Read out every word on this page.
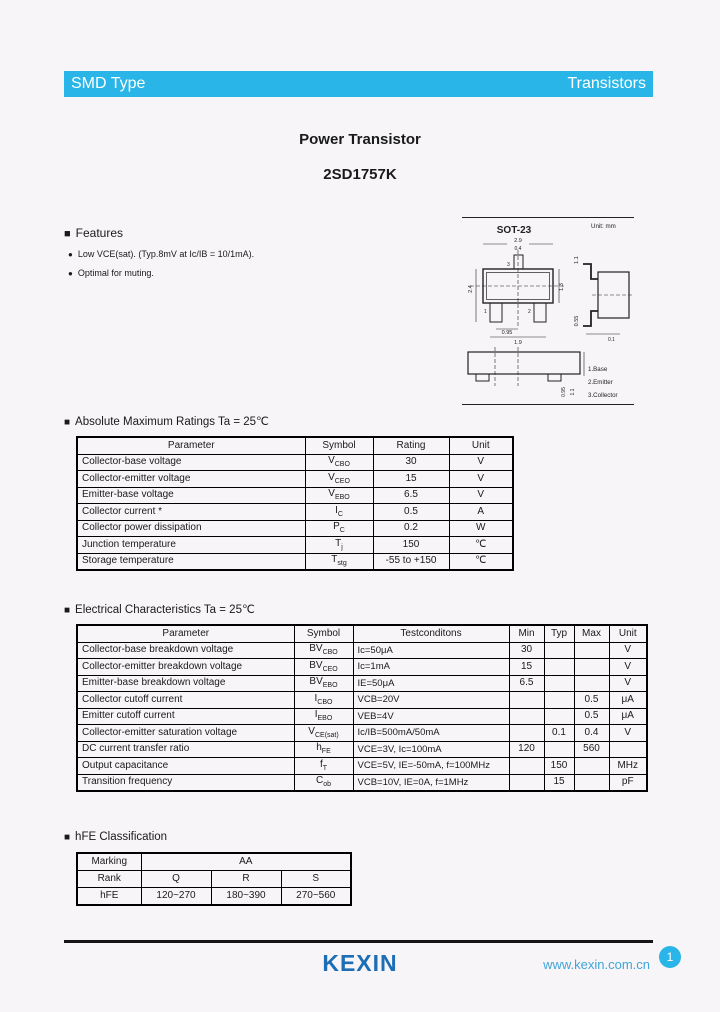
SMD Type	Transistors
Power Transistor
2SD1757K
■ Features
● Low VCE(sat). (Typ.8mV at Ic/IB = 10/1mA).
● Optimal for muting.
SOT-23	Unit: mm
2.9
0.4
3
1	2
2.4	1.3
0.95
1.9
1.1
0.55
0.1
0.95 1.1
1.Base
2.Emitter
3.Collector
■ Absolute Maximum Ratings Ta = 25℃
Parameter	Symbol	Rating	Unit
Collector-base voltage	$V_{CBO}$	30	V
Collector-emitter voltage	$V_{CEO}$	15	V
Emitter-base voltage	$V_{EBO}$	6.5	V
Collector current *	$I_C$	0.5	A
Collector power dissipation	$P_C$	0.2	W
Junction temperature	$T_j$	150	℃
Storage temperature	$T_{stg}$	-55 to +150	℃
■ Electrical Characteristics Ta = 25℃
Parameter	Symbol	Testconditons	Min	Typ	Max	Unit
Collector-base breakdown voltage	$BV_{CBO}$	Ic=50μA	30			V
Collector-emitter breakdown voltage	$BV_{CEO}$	Ic=1mA	15			V
Emitter-base breakdown voltage	$BV_{EBO}$	IE=50μA	6.5			V
Collector cutoff current	$I_{CBO}$	VCB=20V			0.5	μA
Emitter cutoff current	$I_{EBO}$	VEB=4V			0.5	μA
Collector-emitter saturation voltage	$V_{CE(sat)}$	Ic/IB=500mA/50mA		0.1	0.4	V
DC current transfer ratio	$h_{FE}$	VCE=3V, Ic=100mA	120		560	
Output capacitance	$f_T$	VCE=5V, IE=-50mA, f=100MHz		150		MHz
Transition frequency	$C_{ob}$	VCB=10V, IE=0A, f=1MHz		15		pF
■ hFE Classification
Marking	AA		
Rank	Q	R	S
hFE	120~270	180~390	270~560
KEXIN	www.kexin.com.cn	1
